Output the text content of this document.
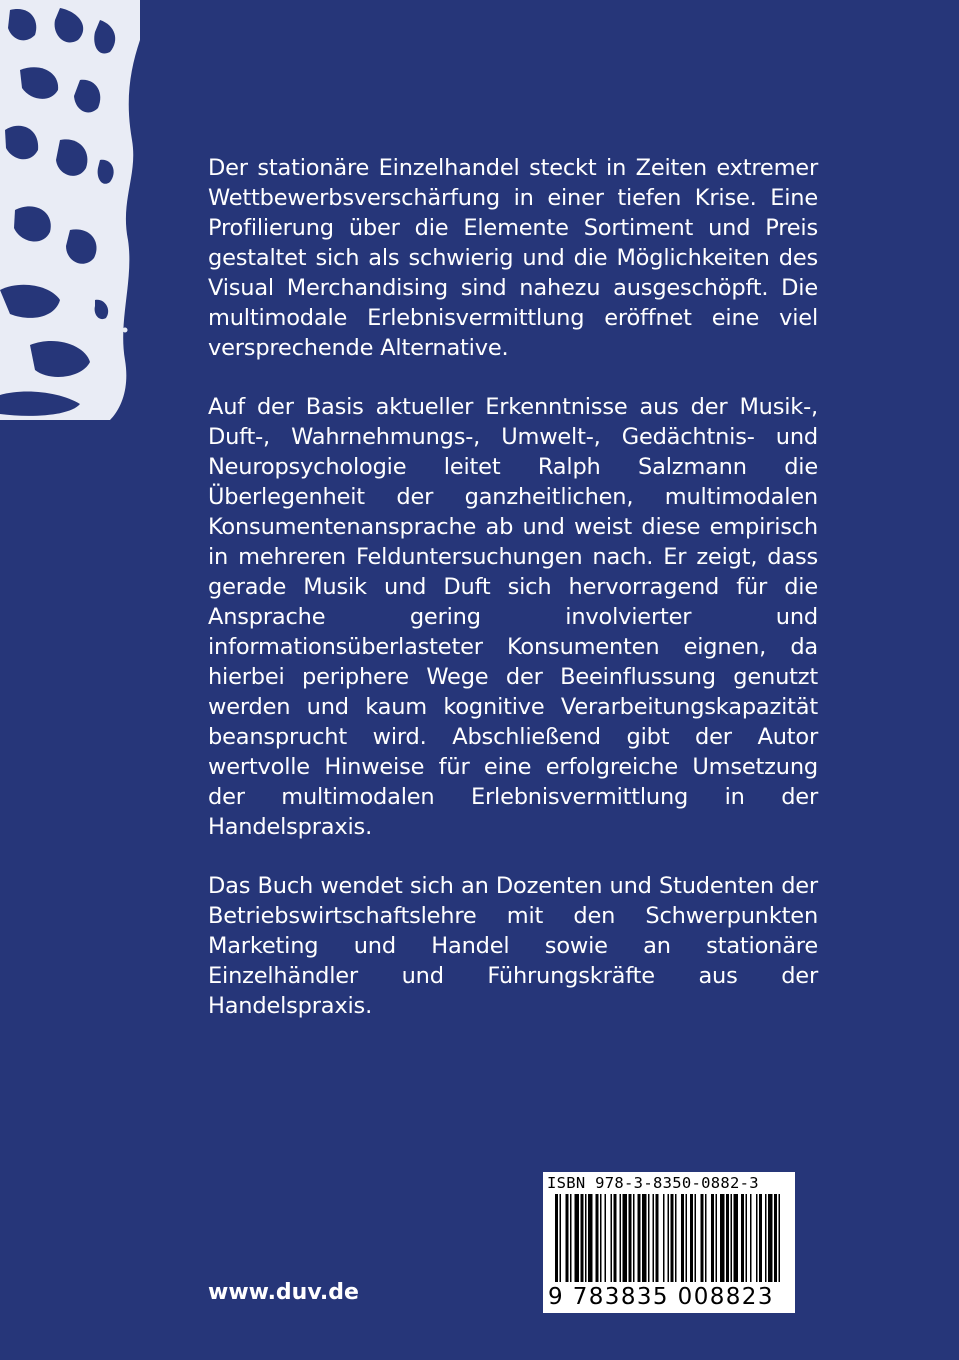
Der stationäre Einzelhandel steckt in Zeiten extremer Wettbewerbsverschärfung in einer tiefen Krise. Eine Profilierung über die Elemente Sortiment und Preis gestaltet sich als schwierig und die Möglichkeiten des Visual Merchandising sind nahezu ausgeschöpft. Die multimodale Erlebnisvermittlung eröffnet eine viel versprechende Alternative.

Auf der Basis aktueller Erkenntnisse aus der Musik-, Duft-, Wahrnehmungs-, Umwelt-, Gedächtnis- und Neuropsychologie leitet Ralph Salzmann die Überlegenheit der ganzheitlichen, multimodalen Konsumentenansprache ab und weist diese empirisch in mehreren Felduntersuchungen nach. Er zeigt, dass gerade Musik und Duft sich hervorragend für die Ansprache gering involvierter und informationsüberlasteter Konsumenten eignen, da hierbei periphere Wege der Beeinflussung genutzt werden und kaum kognitive Verarbeitungskapazität beansprucht wird. Abschließend gibt der Autor wertvolle Hinweise für eine erfolgreiche Umsetzung der multimodalen Erlebnisvermittlung in der Handelspraxis.

Das Buch wendet sich an Dozenten und Studenten der Betriebswirtschaftslehre mit den Schwerpunkten Marketing und Handel sowie an stationäre Einzelhändler und Führungskräfte aus der Handelspraxis.

www.duv.de
ISBN 978-3-8350-0882-3
9 783835 008823
